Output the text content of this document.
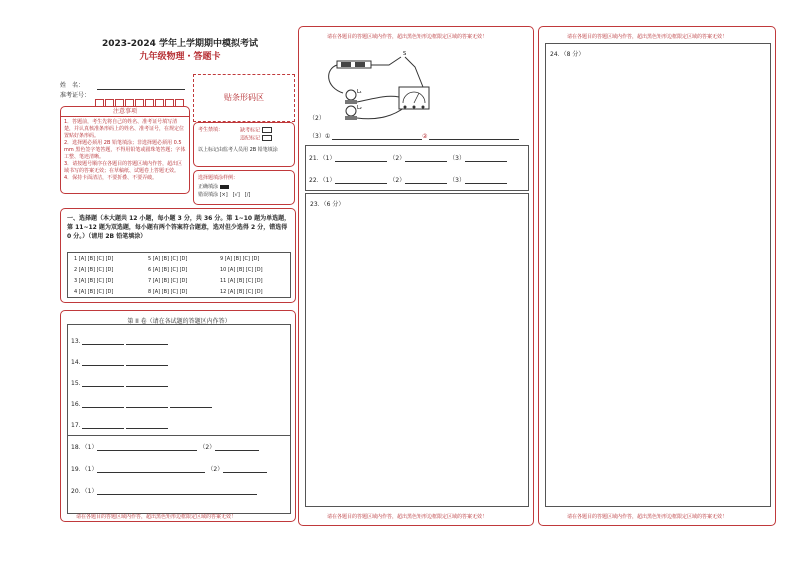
2023-2024 学年上学期期中模拟考试
九年级物理・答题卡
姓　名：
准考证号：	贴条形码区
注意事项
1．答题前，考生先将自己的姓名、准考证号填写清楚，并认真核准条形码上的姓名、准考证号，在规定位置贴好条形码。
2．选择题必须用 2B 铅笔填涂；非选择题必须用 0.5 mm 黑色签字笔答题，不得用铅笔或圆珠笔答题；字体工整、笔迹清晰。
3．请按题号顺序在各题目的答题区域内作答，超出区域书写的答案无效；在草稿纸、试题卷上答题无效。
4．保持卡面清洁，不要折叠、不要弄破。
考生禁填：	缺考标记
违纪标记
以上标记由监考人员用 2B 铅笔填涂
选择题填涂样例：
正确填涂
错误填涂 [×]　[√]　[/]
一、选择题（本大题共 12 小题，每小题 3 分，共 36 分。第 1~10 题为单选题，第 11~12 题为双选题，每小题有两个答案符合题意，选对但少选得 2 分，错选得 0 分。）（请用 2B 铅笔填涂）
1 [A] [B] [C] [D]	5 [A] [B] [C] [D]	9 [A] [B] [C] [D]
2 [A] [B] [C] [D]	6 [A] [B] [C] [D]	10 [A] [B] [C] [D]
3 [A] [B] [C] [D]	7 [A] [B] [C] [D]	11 [A] [B] [C] [D]
4 [A] [B] [C] [D]	8 [A] [B] [C] [D]	12 [A] [B] [C] [D]
第 II 卷（请在各试题的答题区内作答）
13.
14.
15.
16.
17.
18．（1）	（2）
19．（1）	（2）
20．（1）
请在各题目的答题区域内作答，超出黑色矩形边框限定区域的答案无效！
请在各题目的答题区域内作答，超出黑色矩形边框限定区域的答案无效！
S
L₁
L₂
（2）
（3）①	②
21．（1）	（2）	（3）
22．（1）	（2）	（3）
23．（6 分）
请在各题目的答题区域内作答，超出黑色矩形边框限定区域的答案无效！
请在各题目的答题区域内作答，超出黑色矩形边框限定区域的答案无效！
24．（8 分）
请在各题目的答题区域内作答，超出黑色矩形边框限定区域的答案无效！
